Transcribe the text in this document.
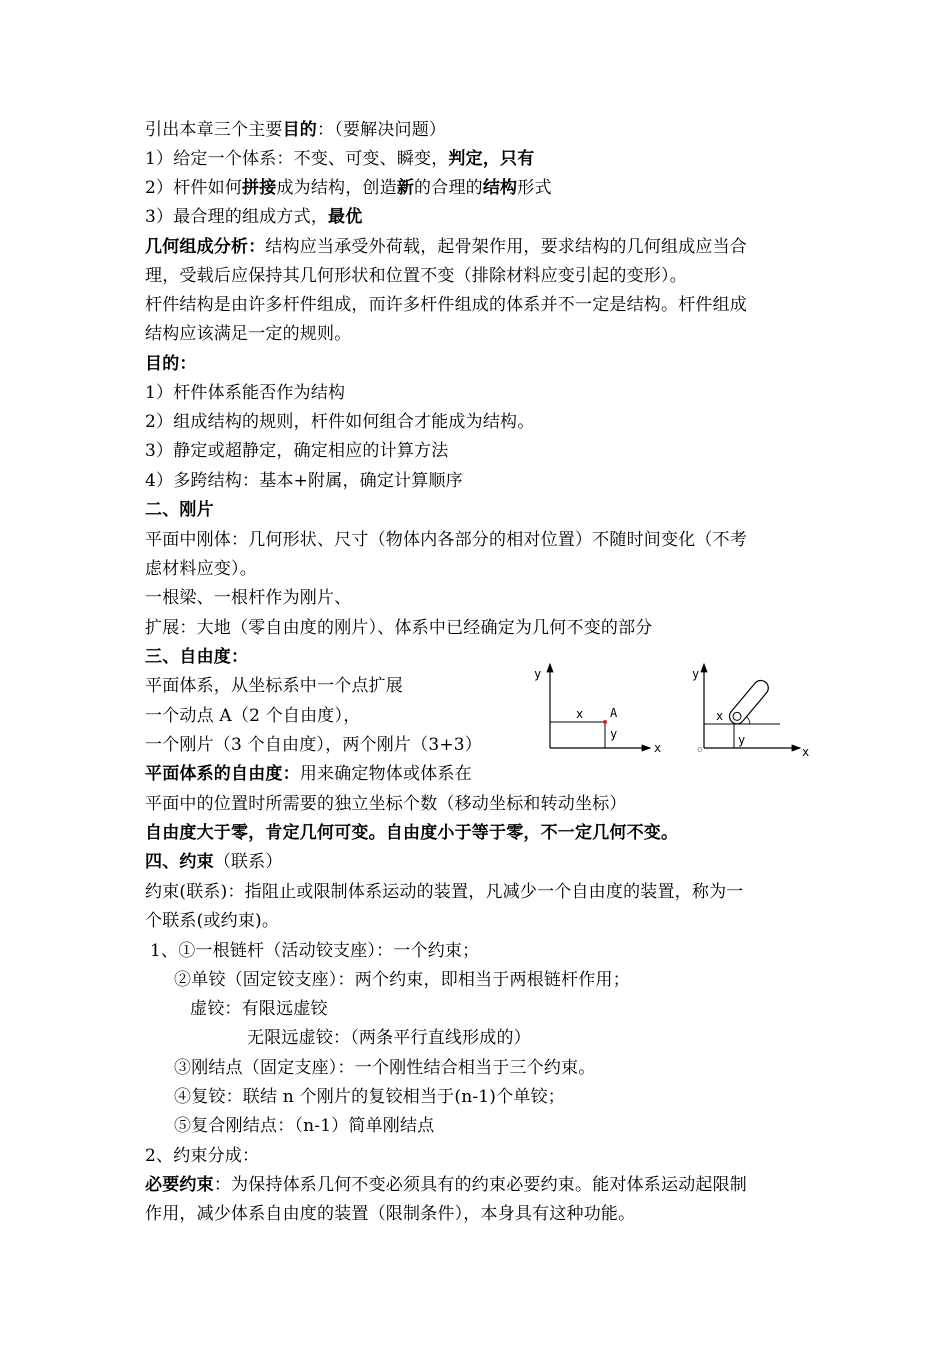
引出本章三个主要目的：（要解决问题）
1）给定一个体系：不变、可变、瞬变，判定，只有
2）杆件如何拼接成为结构，创造新的合理的结构形式
3）最合理的组成方式，最优
几何组成分析：结构应当承受外荷载，起骨架作用，要求结构的几何组成应当合
理，受载后应保持其几何形状和位置不变（排除材料应变引起的变形）。
杆件结构是由许多杆件组成，而许多杆件组成的体系并不一定是结构。杆件组成
结构应该满足一定的规则。
目的：
1）杆件体系能否作为结构
2）组成结构的规则，杆件如何组合才能成为结构。
3）静定或超静定，确定相应的计算方法
4）多跨结构：基本+附属，确定计算顺序
二、刚片
平面中刚体：几何形状、尺寸（物体内各部分的相对位置）不随时间变化（不考
虑材料应变）。
一根梁、一根杆作为刚片、
扩展：大地（零自由度的刚片）、体系中已经确定为几何不变的部分
三、自由度：
平面体系，从坐标系中一个点扩展
一个动点 A（2 个自由度），
一个刚片（3 个自由度），两个刚片（3+3）
平面体系的自由度：用来确定物体或体系在
平面中的位置时所需要的独立坐标个数（移动坐标和转动坐标）
自由度大于零，肯定几何可变。自由度小于等于零，不一定几何不变。
四、约束（联系）
约束(联系)：指阻止或限制体系运动的装置，凡减少一个自由度的装置，称为一
个联系(或约束)。
1、①一根链杆（活动铰支座）：一个约束；
②单铰（固定铰支座）：两个约束，即相当于两根链杆作用；
虚铰：有限远虚铰
无限远虚铰：（两条平行直线形成的）
③刚结点（固定支座）：一个刚性结合相当于三个约束。
④复铰：联结 n 个刚片的复铰相当于(n-1)个单铰；
⑤复合刚结点：（n-1）简单刚结点
2、约束分成：
必要约束：为保持体系几何不变必须具有的约束必要约束。能对体系运动起限制
作用，减少体系自由度的装置（限制条件），本身具有这种功能。
y
x
x
y
A
y
x
o
x
y
